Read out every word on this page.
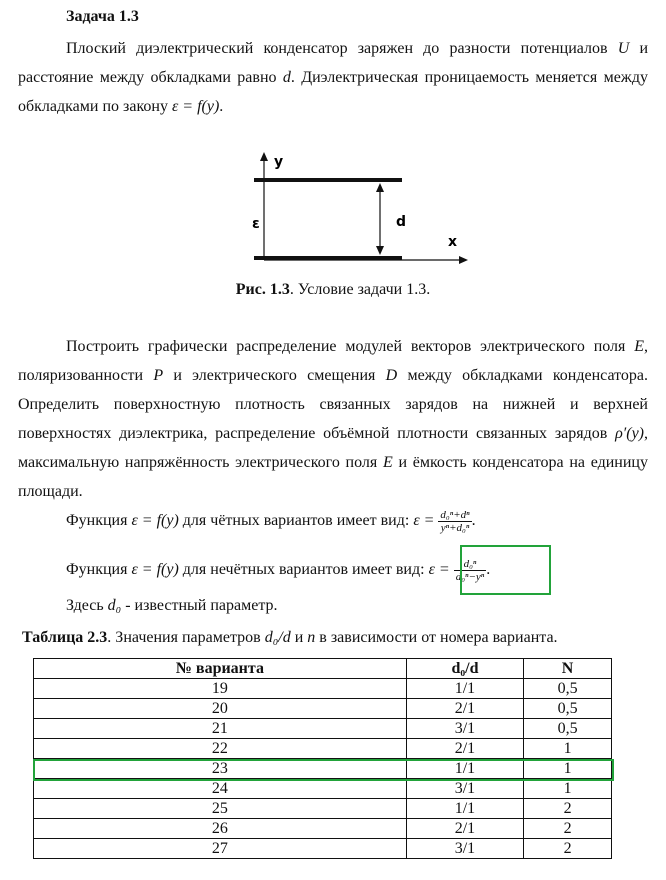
Задача 1.3
Плоский диэлектрический конденсатор заряжен до разности потенциалов U и расстояние между обкладками равно d. Диэлектрическая проницаемость меняется между обкладками по закону ε = f(y).
y
x
ε	d
Рис. 1.3. Условие задачи 1.3.
Построить графически распределение модулей векторов электрического поля E, поляризованности P и электрического смещения D между обкладками конденсатора. Определить поверхностную плотность связанных зарядов на нижней и верхней поверхностях диэлектрика, распределение объёмной плотности связанных зарядов ρ′(y), максимальную напряжённость электрического поля E и ёмкость конденсатора на единицу площади.
Функция ε = f(y) для чётных вариантов имеет вид: $\varepsilon = \frac{\text{d₀ⁿ+dⁿ}}{\text{yⁿ+d₀ⁿ}}$ .
Функция ε = f(y) для нечётных вариантов имеет вид: $\varepsilon = \frac{\text{d₀ⁿ}}{\text{d₀ⁿ−yⁿ}}$ .
Здесь d₀ - известный параметр.
Таблица 2.3. Значения параметров d₀/d и n в зависимости от номера варианта.
№ варианта	d₀/d	N
19	1/1	0,5
20	2/1	0,5
21	3/1	0,5
22	2/1	1
23	1/1	1
24	3/1	1
25	1/1	2
26	2/1	2
27	3/1	2
